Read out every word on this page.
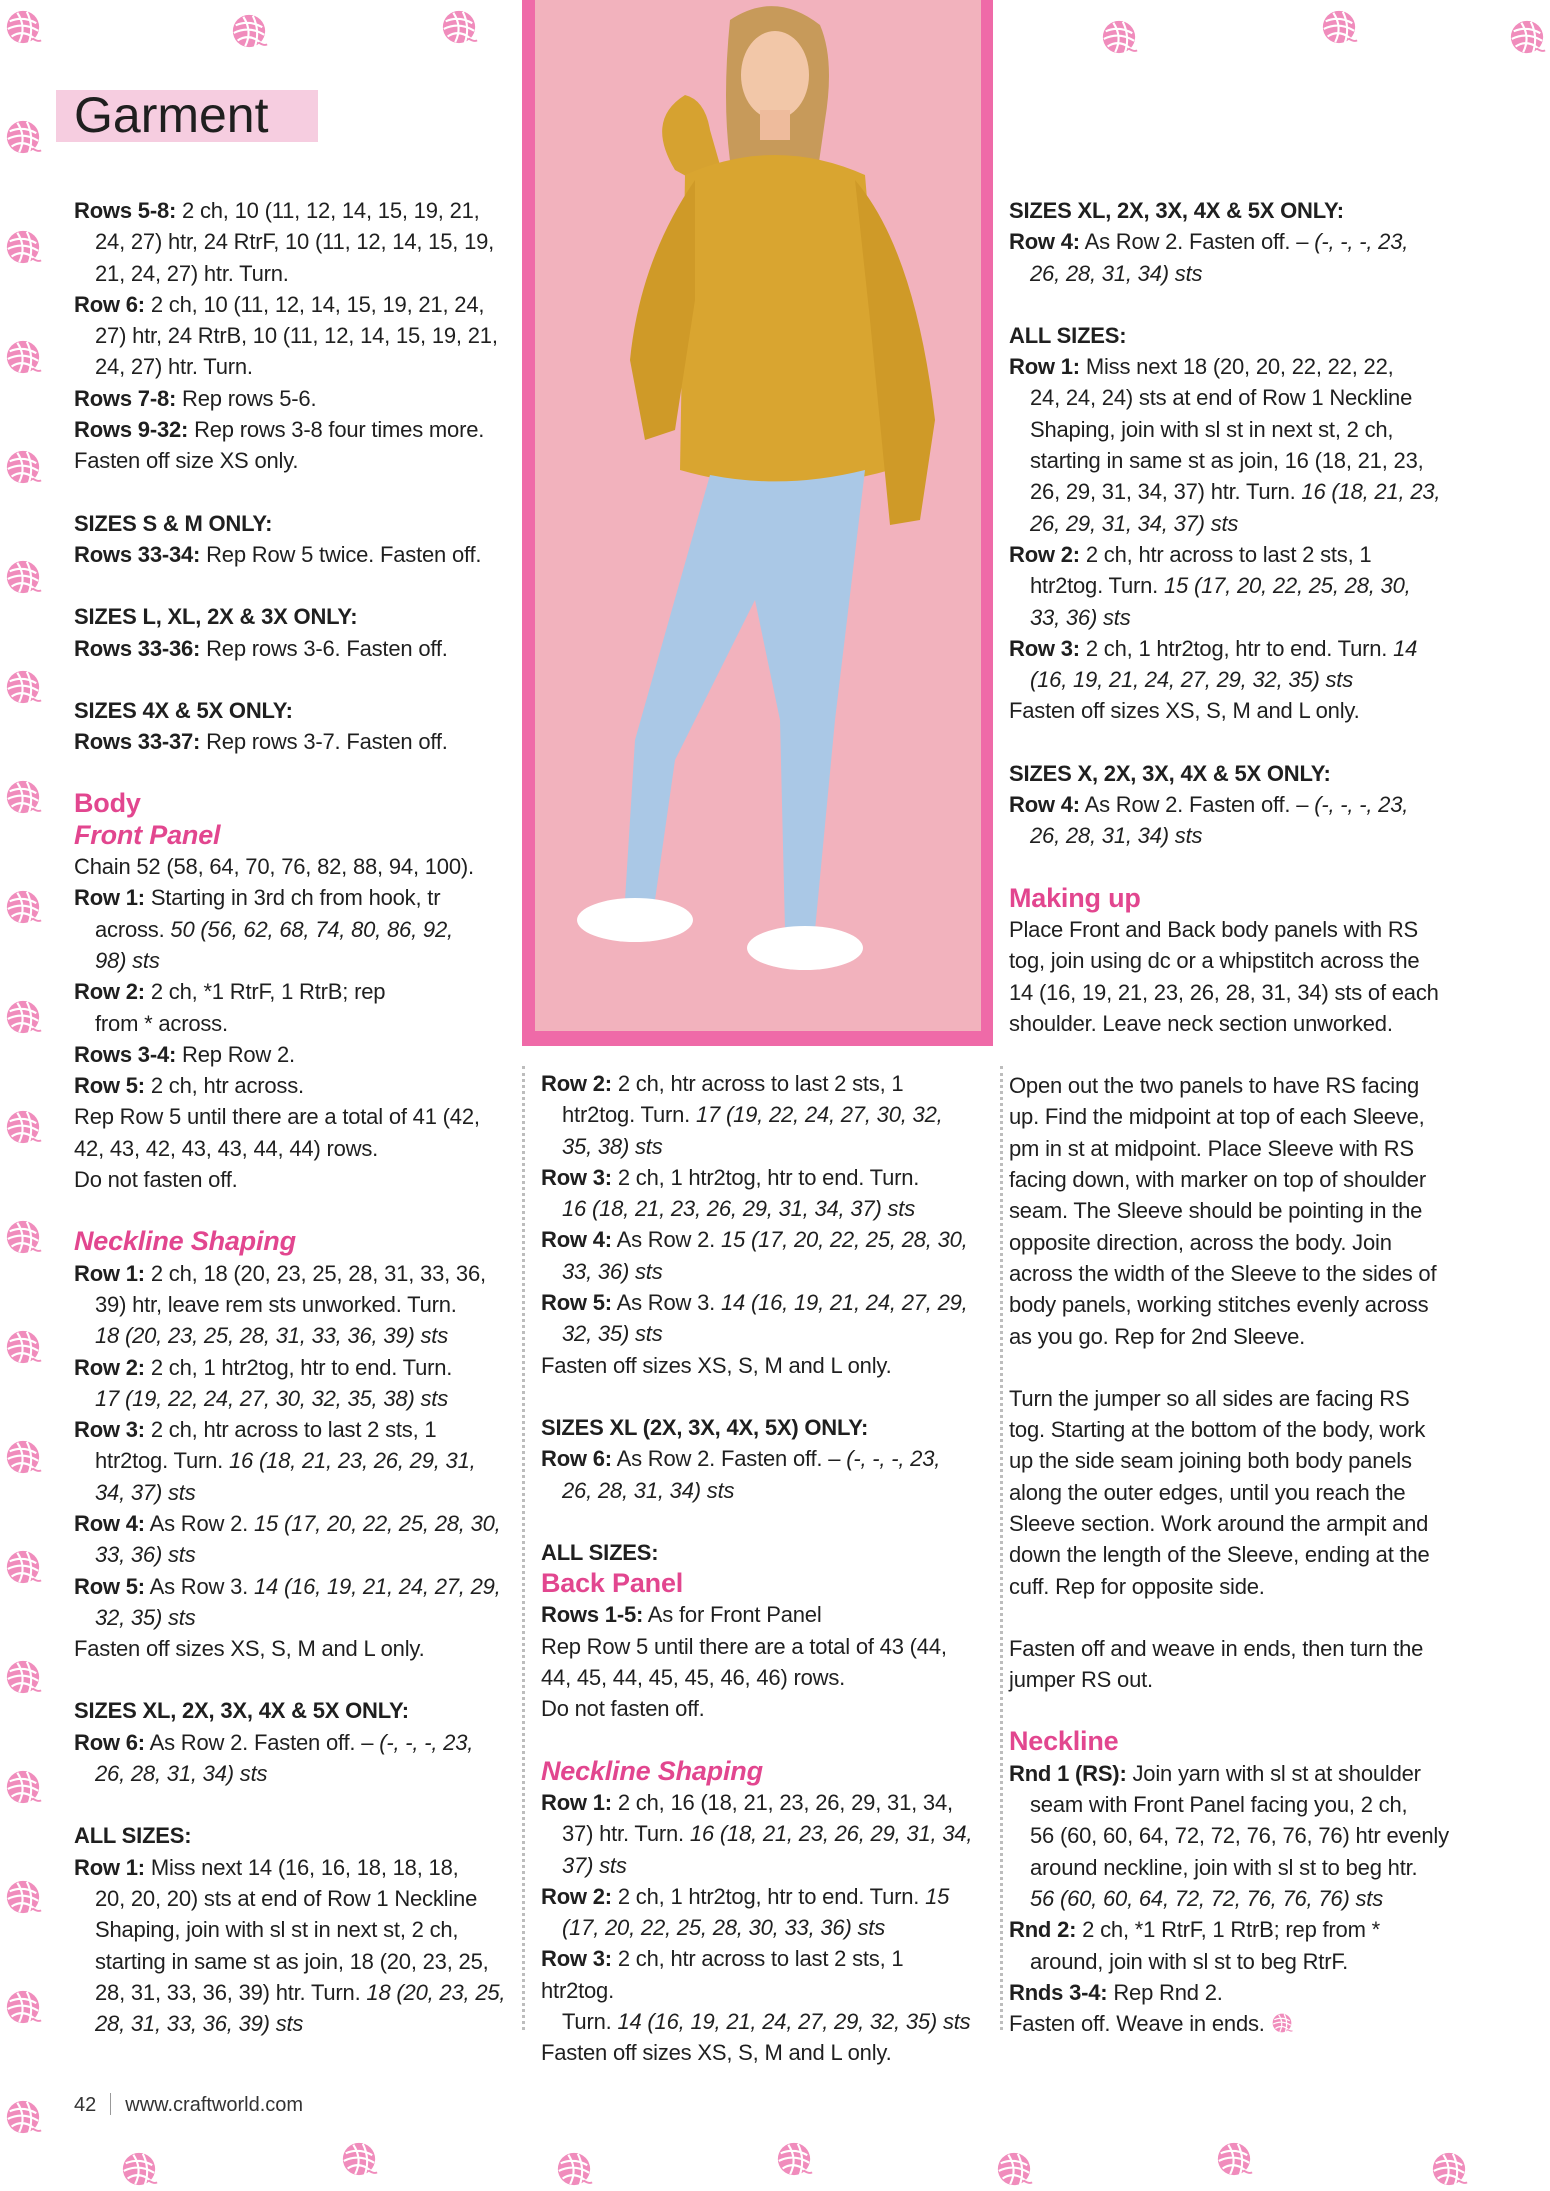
Garment

Rows 5-8: 2 ch, 10 (11, 12, 14, 15, 19, 21,

24, 27) htr, 24 RtrF, 10 (11, 12, 14, 15, 19,

21, 24, 27) htr. Turn.

Row 6: 2 ch, 10 (11, 12, 14, 15, 19, 21, 24,

27) htr, 24 RtrB, 10 (11, 12, 14, 15, 19, 21,

24, 27) htr. Turn.

Rows 7-8: Rep rows 5-6.

Rows 9-32: Rep rows 3-8 four times more.

Fasten off size XS only.

SIZES S & M ONLY:

Rows 33-34: Rep Row 5 twice. Fasten off.

SIZES L, XL, 2X & 3X ONLY:

Rows 33-36: Rep rows 3-6. Fasten off.

SIZES 4X & 5X ONLY:

Rows 33-37: Rep rows 3-7. Fasten off.

Body

Front Panel

Chain 52 (58, 64, 70, 76, 82, 88, 94, 100).

Row 1: Starting in 3rd ch from hook, tr

across. 50 (56, 62, 68, 74, 80, 86, 92,

98) sts

Row 2: 2 ch, *1 RtrF, 1 RtrB; rep

from * across.

Rows 3-4: Rep Row 2.

Row 5: 2 ch, htr across.

Rep Row 5 until there are a total of 41 (42,

42, 43, 42, 43, 43, 44, 44) rows.

Do not fasten off.

Neckline Shaping

Row 1: 2 ch, 18 (20, 23, 25, 28, 31, 33, 36,

39) htr, leave rem sts unworked. Turn.

18 (20, 23, 25, 28, 31, 33, 36, 39) sts

Row 2: 2 ch, 1 htr2tog, htr to end. Turn.

17 (19, 22, 24, 27, 30, 32, 35, 38) sts

Row 3: 2 ch, htr across to last 2 sts, 1

htr2tog. Turn. 16 (18, 21, 23, 26, 29, 31,

34, 37) sts

Row 4: As Row 2. 15 (17, 20, 22, 25, 28, 30,

33, 36) sts

Row 5: As Row 3. 14 (16, 19, 21, 24, 27, 29,

32, 35) sts

Fasten off sizes XS, S, M and L only.

SIZES XL, 2X, 3X, 4X & 5X ONLY:

Row 6: As Row 2. Fasten off. – (-, -, -, 23,

26, 28, 31, 34) sts

ALL SIZES:

Row 1: Miss next 14 (16, 16, 18, 18, 18,

20, 20, 20) sts at end of Row 1 Neckline

Shaping, join with sl st in next st, 2 ch,

starting in same st as join, 18 (20, 23, 25,

28, 31, 33, 36, 39) htr. Turn. 18 (20, 23, 25,

28, 31, 33, 36, 39) sts

Row 2: 2 ch, htr across to last 2 sts, 1

htr2tog. Turn. 17 (19, 22, 24, 27, 30, 32,

35, 38) sts

Row 3: 2 ch, 1 htr2tog, htr to end. Turn.

16 (18, 21, 23, 26, 29, 31, 34, 37) sts

Row 4: As Row 2. 15 (17, 20, 22, 25, 28, 30,

33, 36) sts

Row 5: As Row 3. 14 (16, 19, 21, 24, 27, 29,

32, 35) sts

Fasten off sizes XS, S, M and L only.

SIZES XL (2X, 3X, 4X, 5X) ONLY:

Row 6: As Row 2. Fasten off. – (-, -, -, 23,

26, 28, 31, 34) sts

ALL SIZES:

Back Panel

Rows 1-5: As for Front Panel

Rep Row 5 until there are a total of 43 (44,

44, 45, 44, 45, 45, 46, 46) rows.

Do not fasten off.

Neckline Shaping

Row 1: 2 ch, 16 (18, 21, 23, 26, 29, 31, 34,

37) htr. Turn. 16 (18, 21, 23, 26, 29, 31, 34,

37) sts

Row 2: 2 ch, 1 htr2tog, htr to end. Turn. 15

(17, 20, 22, 25, 28, 30, 33, 36) sts

Row 3: 2 ch, htr across to last 2 sts, 1 htr2tog.

Turn. 14 (16, 19, 21, 24, 27, 29, 32, 35) sts

Fasten off sizes XS, S, M and L only.

SIZES XL, 2X, 3X, 4X & 5X ONLY:

Row 4: As Row 2. Fasten off. – (-, -, -, 23,

26, 28, 31, 34) sts

ALL SIZES:

Row 1: Miss next 18 (20, 20, 22, 22, 22,

24, 24, 24) sts at end of Row 1 Neckline

Shaping, join with sl st in next st, 2 ch,

starting in same st as join, 16 (18, 21, 23,

26, 29, 31, 34, 37) htr. Turn. 16 (18, 21, 23,

26, 29, 31, 34, 37) sts

Row 2: 2 ch, htr across to last 2 sts, 1

htr2tog. Turn. 15 (17, 20, 22, 25, 28, 30,

33, 36) sts

Row 3: 2 ch, 1 htr2tog, htr to end. Turn. 14

(16, 19, 21, 24, 27, 29, 32, 35) sts

Fasten off sizes XS, S, M and L only.

SIZES X, 2X, 3X, 4X & 5X ONLY:

Row 4: As Row 2. Fasten off. – (-, -, -, 23,

26, 28, 31, 34) sts

Making up

Place Front and Back body panels with RS

tog, join using dc or a whipstitch across the

14 (16, 19, 21, 23, 26, 28, 31, 34) sts of each

shoulder. Leave neck section unworked.

Open out the two panels to have RS facing

up. Find the midpoint at top of each Sleeve,

pm in st at midpoint. Place Sleeve with RS

facing down, with marker on top of shoulder

seam. The Sleeve should be pointing in the

opposite direction, across the body. Join

across the width of the Sleeve to the sides of

body panels, working stitches evenly across

as you go. Rep for 2nd Sleeve.

Turn the jumper so all sides are facing RS

tog. Starting at the bottom of the body, work

up the side seam joining both body panels

along the outer edges, until you reach the

Sleeve section. Work around the armpit and

down the length of the Sleeve, ending at the

cuff. Rep for opposite side.

Fasten off and weave in ends, then turn the

jumper RS out.

Neckline

Rnd 1 (RS): Join yarn with sl st at shoulder

seam with Front Panel facing you, 2 ch,

56 (60, 60, 64, 72, 72, 76, 76, 76) htr evenly

around neckline, join with sl st to beg htr.

56 (60, 60, 64, 72, 72, 76, 76, 76) sts

Rnd 2: 2 ch, *1 RtrF, 1 RtrB; rep from *

around, join with sl st to beg RtrF.

Rnds 3-4: Rep Rnd 2.

Fasten off. Weave in ends.

42 www.craftworld.com
